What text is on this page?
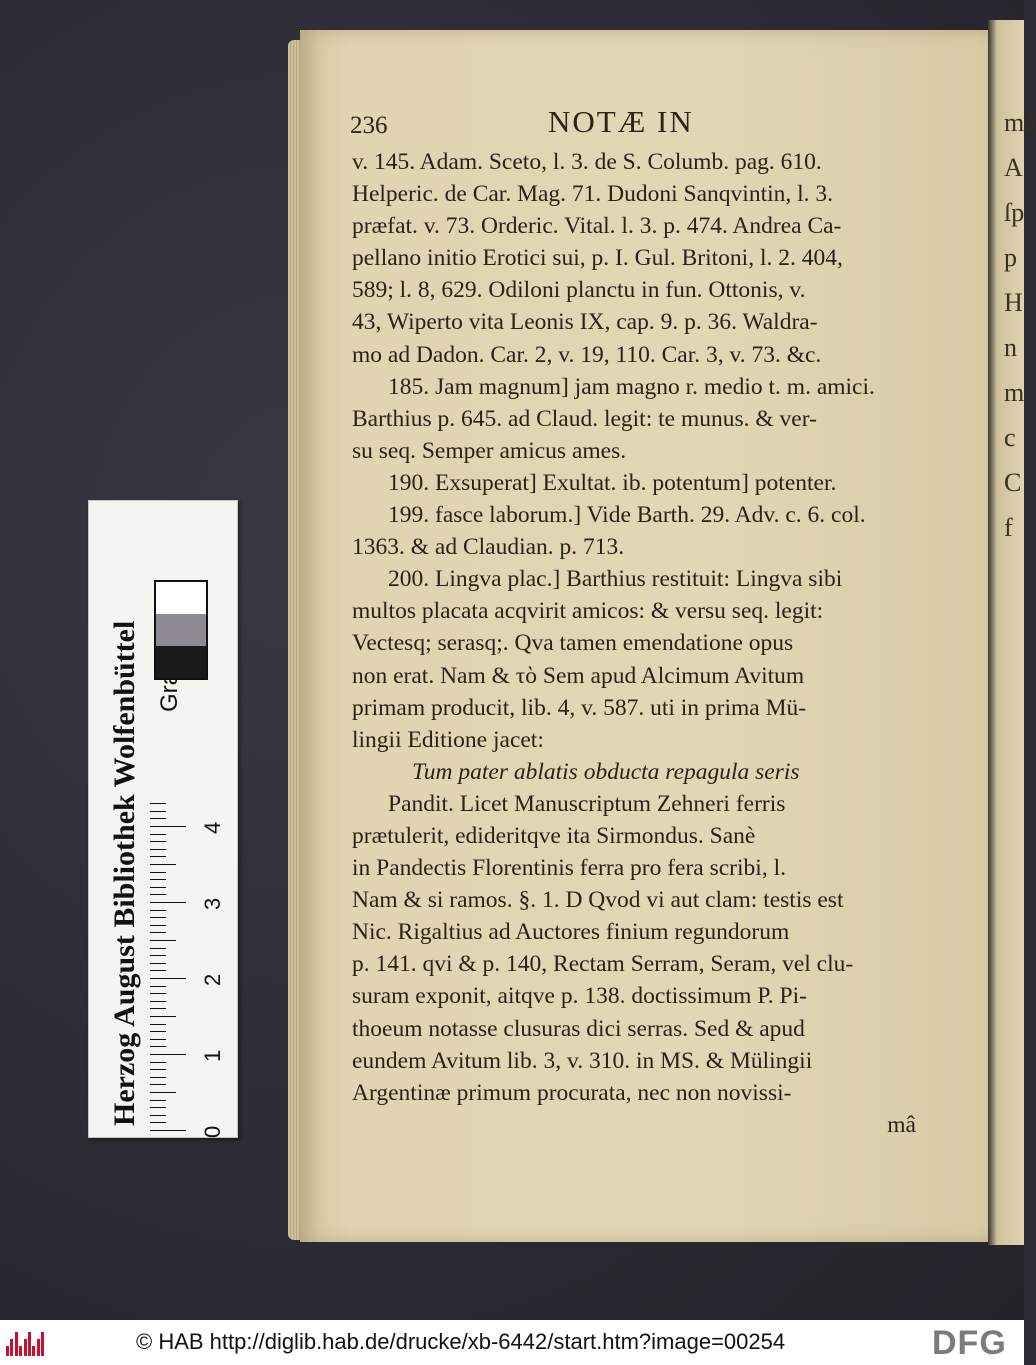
mâ
A
ſp
p
H
n
m
c
C
f
236	NOTÆ IN
v. 145. Adam. Sceto, l. 3. de S. Columb. pag. 610.
Helperic. de Car. Mag. 71. Dudoni Sanqvintin, l. 3.
præfat. v. 73. Orderic. Vital. l. 3. p. 474. Andrea Ca-
pellano initio Erotici sui, p. I. Gul. Britoni, l. 2. 404,
589; l. 8, 629. Odiloni planctu in fun. Ottonis, v.
43, Wiperto vita Leonis IX, cap. 9. p. 36. Waldra-
mo ad Dadon. Car. 2, v. 19, 110. Car. 3, v. 73. &c.
185. Jam magnum] jam magno r. medio t. m. amici.
Barthius p. 645. ad Claud. legit: te munus. & ver-
su seq. Semper amicus ames.
190. Exsuperat] Exultat. ib. potentum] potenter.
199. fasce laborum.] Vide Barth. 29. Adv. c. 6. col.
1363. & ad Claudian. p. 713.
200. Lingva plac.] Barthius restituit: Lingva sibi
multos placata acqvirit amicos: & versu seq. legit:
Vectesq; serasq;. Qva tamen emendatione opus
non erat. Nam & τὸ Sem apud Alcimum Avitum
primam producit, lib. 4, v. 587. uti in prima Mü-
lingii Editione jacet:
Tum pater ablatis obducta repagula seris
Pandit. Licet Manuscriptum Zehneri ferris
prætulerit, edideritqve ita Sirmondus. Sanè
in Pandectis Florentinis ferra pro fera scribi, l.
Nam & si ramos. §. 1. D Qvod vi aut clam: testis est
Nic. Rigaltius ad Auctores finium regundorum
p. 141. qvi & p. 140, Rectam Serram, Seram, vel clu-
suram exponit, aitqve p. 138. doctissimum P. Pi-
thoeum notasse clusuras dici serras. Sed & apud
eundem Avitum lib. 3, v. 310. in MS. & Mülingii
Argentinæ primum procurata, nec non novissi-
mâ
Herzog August Bibliothek Wolfenbüttel
© HAB http://diglib.hab.de/drucke/xb-6442/start.htm?image=00254	DFG
0
1
2
3
4
